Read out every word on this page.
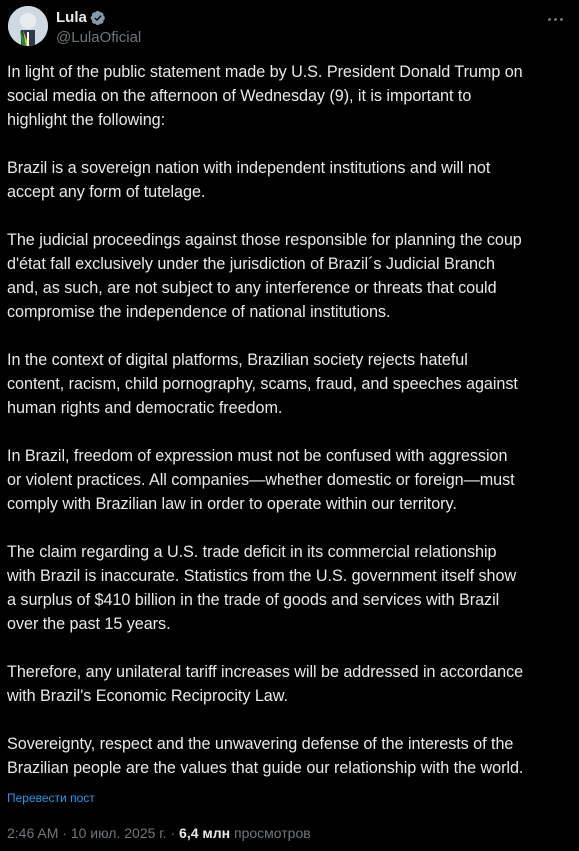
Lula
@LulaOficial

In light of the public statement made by U.S. President Donald Trump on
social media on the afternoon of Wednesday (9), it is important to
highlight the following:

Brazil is a sovereign nation with independent institutions and will not
accept any form of tutelage.

The judicial proceedings against those responsible for planning the coup
d'état fall exclusively under the jurisdiction of Brazil´s Judicial Branch
and, as such, are not subject to any interference or threats that could
compromise the independence of national institutions.

In the context of digital platforms, Brazilian society rejects hateful
content, racism, child pornography, scams, fraud, and speeches against
human rights and democratic freedom.

In Brazil, freedom of expression must not be confused with aggression
or violent practices. All companies—whether domestic or foreign—must
comply with Brazilian law in order to operate within our territory.

The claim regarding a U.S. trade deficit in its commercial relationship
with Brazil is inaccurate. Statistics from the U.S. government itself show
a surplus of $410 billion in the trade of goods and services with Brazil
over the past 15 years.

Therefore, any unilateral tariff increases will be addressed in accordance
with Brazil's Economic Reciprocity Law.

Sovereignty, respect and the unwavering defense of the interests of the
Brazilian people are the values that guide our relationship with the world.

Перевести пост
2:46 AM · 10 июл. 2025 г. · 6,4 млн просмотров
